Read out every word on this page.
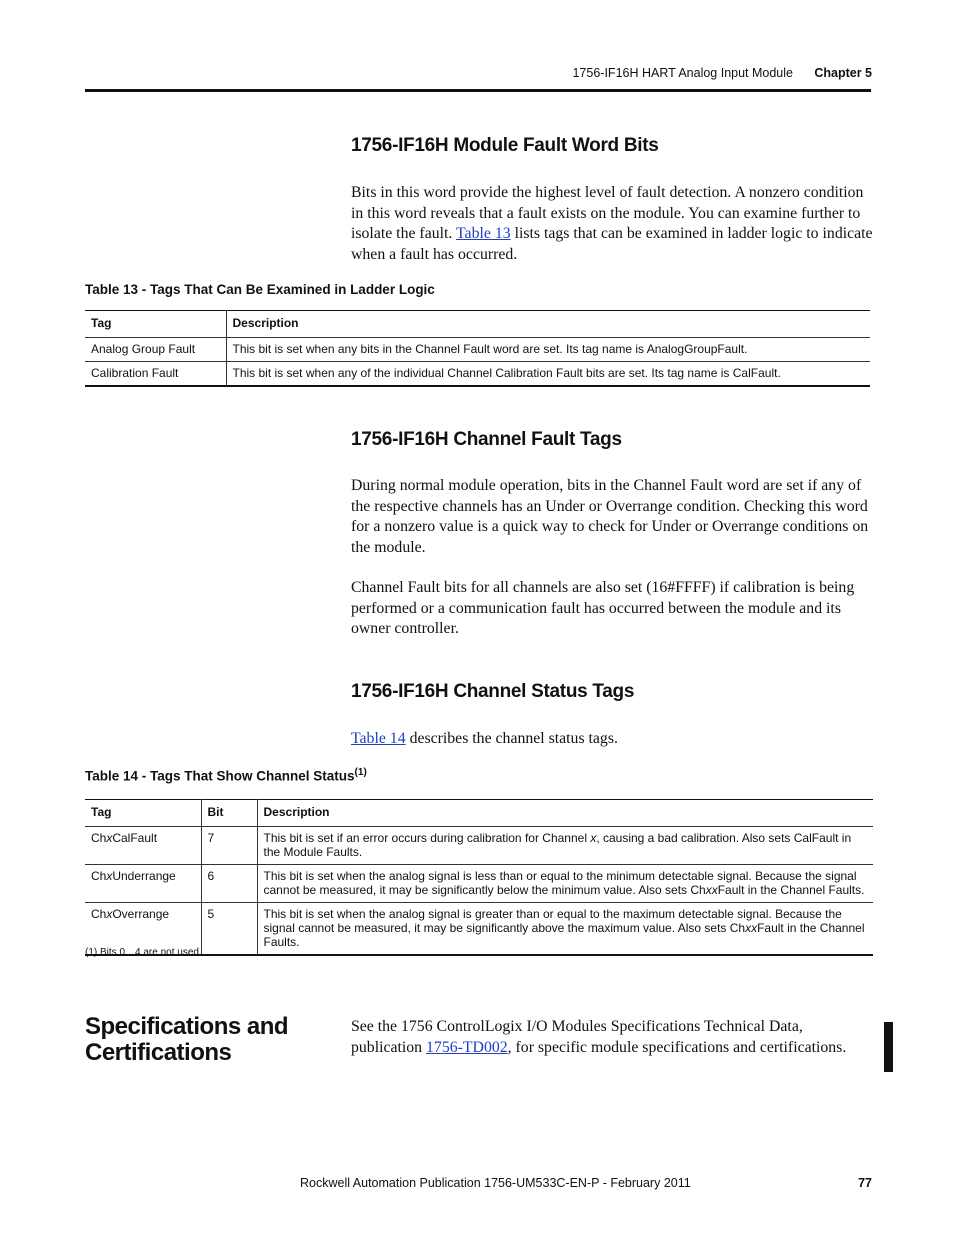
1756-IF16H HART Analog Input Module Chapter 5
1756-IF16H Module Fault Word Bits

Bits in this word provide the highest level of fault detection. A nonzero condition in this word reveals that a fault exists on the module. You can examine further to isolate the fault. Table 13 lists tags that can be examined in ladder logic to indicate when a fault has occurred.

Table 13 - Tags That Can Be Examined in Ladder Logic
Tag	Description
Analog Group Fault	This bit is set when any bits in the Channel Fault word are set. Its tag name is AnalogGroupFault.
Calibration Fault	This bit is set when any of the individual Channel Calibration Fault bits are set. Its tag name is CalFault.
1756-IF16H Channel Fault Tags

During normal module operation, bits in the Channel Fault word are set if any of the respective channels has an Under or Overrange condition. Checking this word for a nonzero value is a quick way to check for Under or Overrange conditions on the module.

Channel Fault bits for all channels are also set (16#FFFF) if calibration is being performed or a communication fault has occurred between the module and its owner controller.

1756-IF16H Channel Status Tags

Table 14 describes the channel status tags.

Table 14 - Tags That Show Channel Status$^{(1)}$
Tag	Bit	Description
ChxCalFault	7	This bit is set if an error occurs during calibration for Channel x, causing a bad calibration. Also sets CalFault in the Module Faults.
ChxUnderrange	6	This bit is set when the analog signal is less than or equal to the minimum detectable signal. Because the signal cannot be measured, it may be significantly below the minimum value. Also sets ChxxFault in the Channel Faults.
ChxOverrange	5	This bit is set when the analog signal is greater than or equal to the maximum detectable signal. Because the signal cannot be measured, it may be significantly above the maximum value. Also sets ChxxFault in the Channel Faults.
(1) Bits 0…4 are not used.
Specifications and Certifications

See the 1756 ControlLogix I/O Modules Specifications Technical Data, publication 1756-TD002, for specific module specifications and certifications.

Rockwell Automation Publication 1756-UM533C-EN-P - February 2011	77
